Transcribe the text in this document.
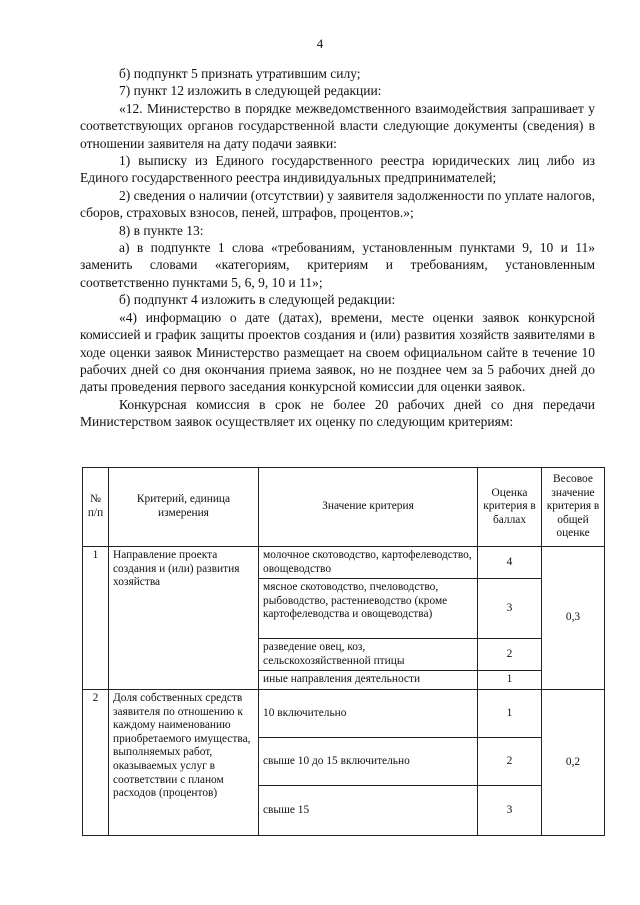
4

б) подпункт 5 признать утратившим силу;

7) пункт 12 изложить в следующей редакции:

«12. Министерство в порядке межведомственного взаимодействия запрашивает у соответствующих органов государственной власти следующие документы (сведения) в отношении заявителя на дату подачи заявки:

1) выписку из Единого государственного реестра юридических лиц либо из Единого государственного реестра индивидуальных предпринимателей;

2) сведения о наличии (отсутствии) у заявителя задолженности по уплате налогов, сборов, страховых взносов, пеней, штрафов, процентов.»;

8) в пункте 13:

а) в подпункте 1 слова «требованиям, установленным пунктами 9, 10 и 11» заменить словами «категориям, критериям и требованиям, установленным соответственно пунктами 5, 6, 9, 10 и 11»;

б) подпункт 4 изложить в следующей редакции:

«4) информацию о дате (датах), времени, месте оценки заявок конкурсной комиссией и график защиты проектов создания и (или) развития хозяйств заявителями в ходе оценки заявок Министерство размещает на своем официальном сайте в течение 10 рабочих дней со дня окончания приема заявок, но не позднее чем за 5 рабочих дней до даты проведения первого заседания конкурсной комиссии для оценки заявок.

Конкурсная комиссия в срок не более 20 рабочих дней со дня передачи Министерством заявок осуществляет их оценку по следующим критериям:

№ п/п	Критерий, единица измерения	Значение критерия	Оценка критерия в баллах	Весовое значение критерия в общей оценке
1	Направление проекта создания и (или) развития хозяйства	молочное скотоводство, картофелеводство, овощеводство	4	0,3
		мясное скотоводство, пчеловодство, рыбоводство, растениеводство (кроме картофелеводства и овощеводства)	3	
		разведение овец, коз, сельскохозяйственной птицы	2	
		иные направления деятельности	1	
2	Доля собственных средств заявителя по отношению к каждому наименованию приобретаемого имущества, выполняемых работ, оказываемых услуг в соответствии с планом расходов (процентов)	10 включительно	1	0,2
		свыше 10 до 15 включительно	2	
		свыше 15	3	
